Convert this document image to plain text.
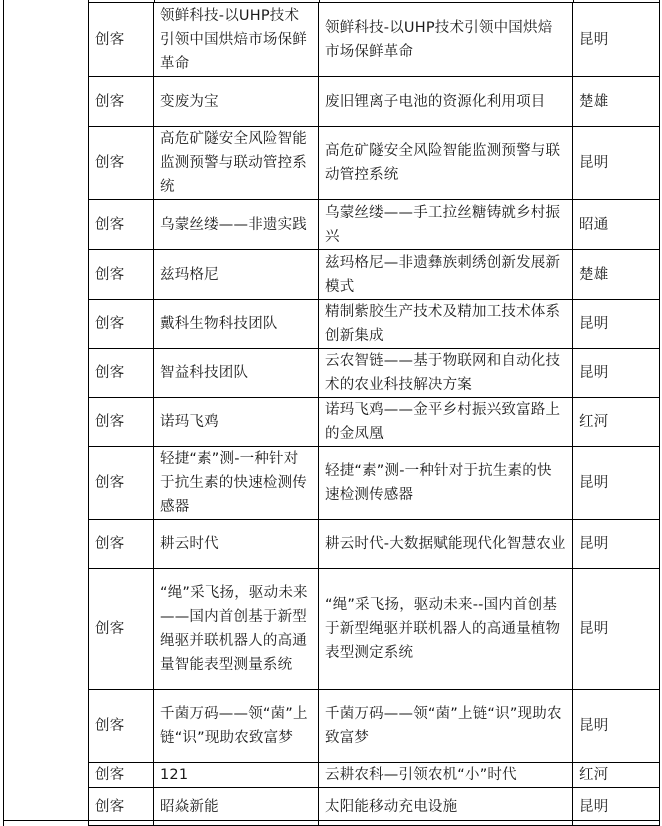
创客	领鲜科技-以UHP技术引领中国烘焙市场保鲜革命	领鲜科技-以UHP技术引领中国烘焙市场保鲜革命	昆明
创客	变废为宝	废旧锂离子电池的资源化利用项目	楚雄
创客	高危矿隧安全风险智能监测预警与联动管控系统	高危矿隧安全风险智能监测预警与联动管控系统	昆明
创客	乌蒙丝缕——非遗实践	乌蒙丝缕——手工拉丝糖铸就乡村振兴	昭通
创客	兹玛格尼	兹玛格尼—非遗彝族刺绣创新发展新模式	楚雄
创客	戴科生物科技团队	精制紫胶生产技术及精加工技术体系创新集成	昆明
创客	智益科技团队	云农智链——基于物联网和自动化技术的农业科技解决方案	昆明
创客	诺玛飞鸡	诺玛飞鸡——金平乡村振兴致富路上的金凤凰	红河
创客	轻捷“素”测-一种针对于抗生素的快速检测传感器	轻捷“素”测-一种针对于抗生素的快速检测传感器	昆明
创客	耕云时代	耕云时代-大数据赋能现代化智慧农业	昆明
创客	“绳”采飞扬，驱动未来——国内首创基于新型绳驱并联机器人的高通量智能表型测量系统	“绳”采飞扬，驱动未来--国内首创基于新型绳驱并联机器人的高通量植物表型测定系统	昆明
创客	千菌万码——领“菌”上链“识”现助农致富梦	千菌万码——领“菌”上链“识”现助农致富梦	昆明
创客	121	云耕农科—引领农机“小”时代	红河
创客	昭焱新能	太阳能移动充电设施	昆明
